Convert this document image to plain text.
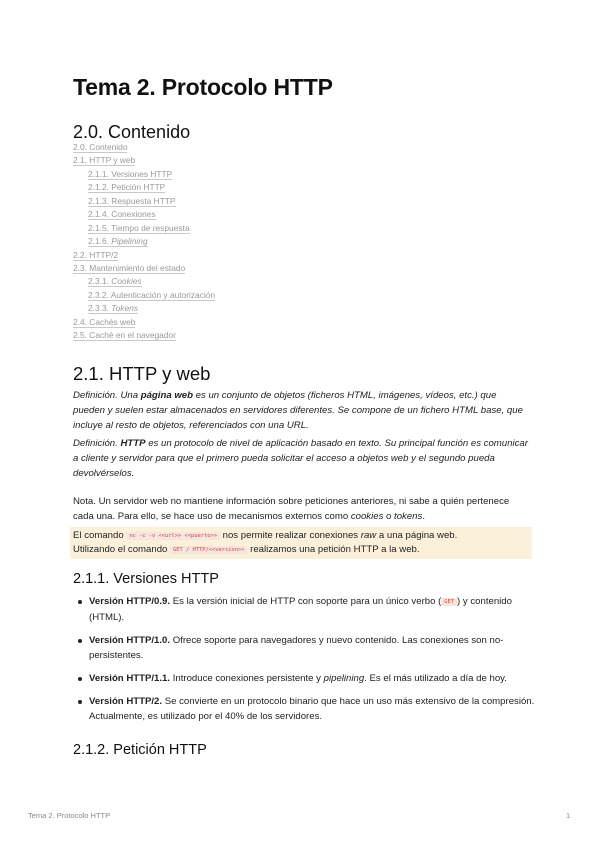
Tema 2. Protocolo HTTP
2.0. Contenido
2.0. Contenido
2.1. HTTP y web
2.1.1. Versiones HTTP
2.1.2. Petición HTTP
2.1.3. Respuesta HTTP
2.1.4. Conexiones
2.1.5. Tiempo de respuesta
2.1.6. Pipelining
2.2. HTTP/2
2.3. Mantenimiento del estado
2.3.1. Cookies
2.3.2. Autenticación y autorización
2.3.3. Tokens
2.4. Cachés web
2.5. Caché en el navegador
2.1. HTTP y web

Definición. Una página web es un conjunto de objetos (ficheros HTML, imágenes, vídeos, etc.) que pueden y suelen estar almacenados en servidores diferentes. Se compone de un fichero HTML base, que incluye al resto de objetos, referenciados con una URL.

Definición. HTTP es un protocolo de nivel de aplicación basado en texto. Su principal función es comunicar a cliente y servidor para que el primero pueda solicitar el acceso a objetos web y el segundo pueda devolvérselos.

Nota. Un servidor web no mantiene información sobre peticiones anteriores, ni sabe a quién pertenece cada una. Para ello, se hace uso de mecanismos externos como cookies o tokens.

El comando nc -c -v <<url>> <<puerto>> nos permite realizar conexiones raw a una página web.
Utilizando el comando GET / HTTP/<<version>> realizamos una petición HTTP a la web.
2.1.1. Versiones HTTP
Versión HTTP/0.9. Es la versión inicial de HTTP con soporte para un único verbo ( GET ) y contenido (HTML).
Versión HTTP/1.0. Ofrece soporte para navegadores y nuevo contenido. Las conexiones son no-persistentes.
Versión HTTP/1.1. Introduce conexiones persistente y pipelining. Es el más utilizado a día de hoy.
Versión HTTP/2. Se convierte en un protocolo binario que hace un uso más extensivo de la compresión. Actualmente, es utilizado por el 40% de los servidores.
2.1.2. Petición HTTP
Tema 2. Protocolo HTTP	1
